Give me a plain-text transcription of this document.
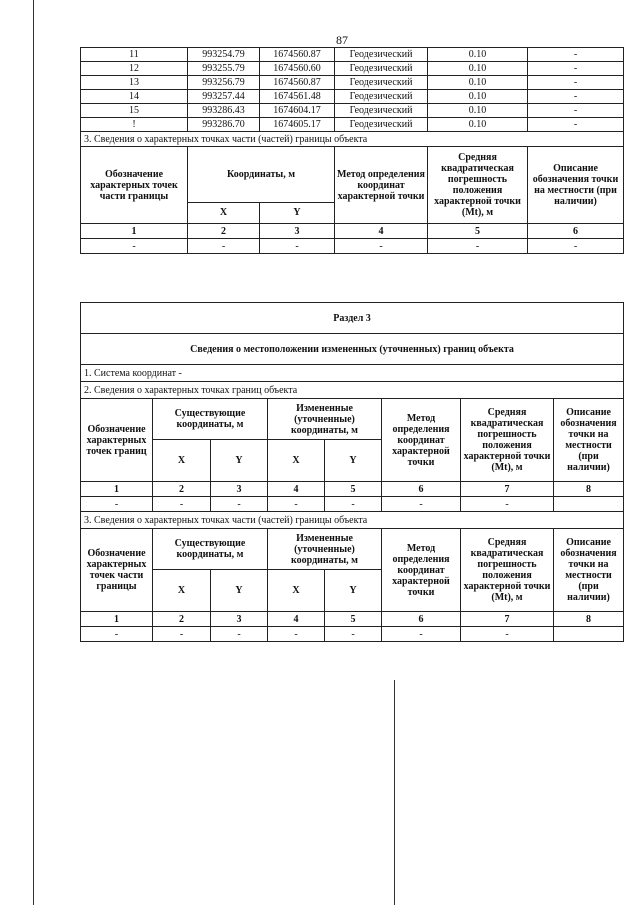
87
11	993254.79	1674560.87	Геодезический	0.10	-
12	993255.79	1674560.60	Геодезический	0.10	-
13	993256.79	1674560.87	Геодезический	0.10	-
14	993257.44	1674561.48	Геодезический	0.10	-
15	993286.43	1674604.17	Геодезический	0.10	-
!	993286.70	1674605.17	Геодезический	0.10	-
3. Сведения о характерных точках части (частей) границы объекта					
Обозначение характерных точек части границы	Координаты, м		Метод определения координат характерной точки	Средняя квадратическая погрешность положения характерной точки (Mt), м	Описание обозначения точки на местности (при наличии)
	X	Y			
1	2	3	4	5	6
-	-	-	-	-	-
Раздел 3							
Сведения о местоположении измененных (уточненных) границ объекта							
1. Система координат -							
2. Сведения о характерных точках границ объекта							
Обозначение характерных точек границ	Существующие координаты, м		Измененные (уточненные) координаты, м		Метод определения координат характерной точки	Средняя квадратическая погрешность положения характерной точки (Mt), м	Описание обозначения точки на местности (при наличии)
	X	Y	X	Y			
1	2	3	4	5	6	7	8
-	-	-	-	-	-	-	
3. Сведения о характерных точках части (частей) границы объекта							
Обозначение характерных точек части границы	Существующие координаты, м		Измененные (уточненные) координаты, м		Метод определения координат характерной точки	Средняя квадратическая погрешность положения характерной точки (Mt), м	Описание обозначения точки на местности (при наличии)
	X	Y	X	Y			
1	2	3	4	5	6	7	8
-	-	-	-	-	-	-	
